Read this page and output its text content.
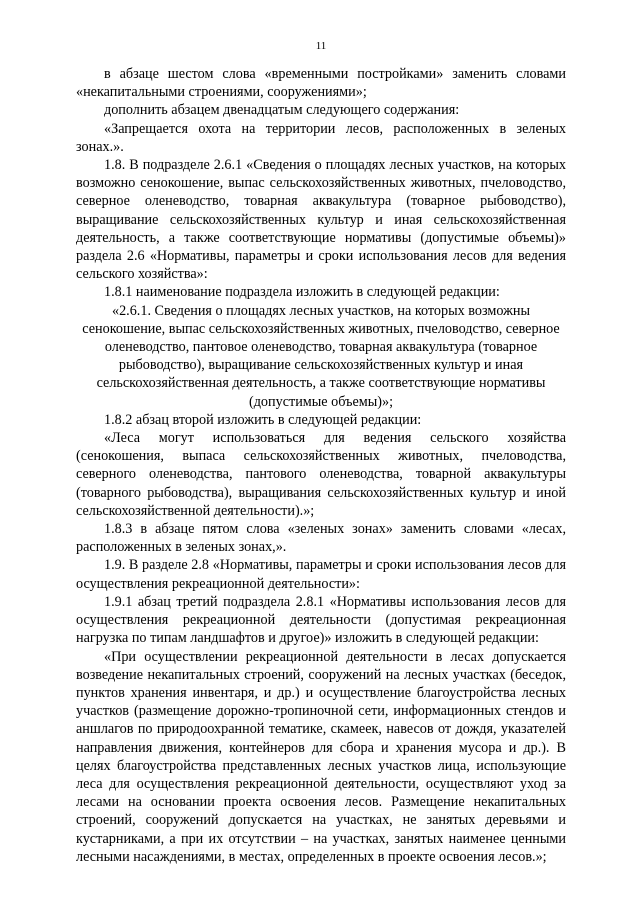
11

в абзаце шестом слова «временными постройками» заменить словами «некапитальными строениями, сооружениями»;

дополнить абзацем двенадцатым следующего содержания:

«Запрещается охота на территории лесов, расположенных в зеленых зонах.».

1.8. В подразделе 2.6.1 «Сведения о площадях лесных участков, на которых возможно сенокошение, выпас сельскохозяйственных животных, пчеловодство, северное оленеводство, товарная аквакультура (товарное рыбоводство), выращивание сельскохозяйственных культур и иная сельскохозяйственная деятельность, а также соответствующие нормативы (допустимые объемы)» раздела 2.6 «Нормативы, параметры и сроки использования лесов для ведения сельского хозяйства»:

1.8.1 наименование подраздела изложить в следующей редакции:

«2.6.1. Сведения о площадях лесных участков, на которых возможны сенокошение, выпас сельскохозяйственных животных, пчеловодство, северное оленеводство, пантовое оленеводство, товарная аквакультура (товарное рыбоводство), выращивание сельскохозяйственных культур и иная сельскохозяйственная деятельность, а также соответствующие нормативы (допустимые объемы)»;

1.8.2 абзац второй изложить в следующей редакции:

«Леса могут использоваться для ведения сельского хозяйства (сенокошения, выпаса сельскохозяйственных животных, пчеловодства, северного оленеводства, пантового оленеводства, товарной аквакультуры (товарного рыбоводства), выращивания сельскохозяйственных культур и иной сельскохозяйственной деятельности).»;

1.8.3 в абзаце пятом слова «зеленых зонах» заменить словами «лесах, расположенных в зеленых зонах,».

1.9. В разделе 2.8 «Нормативы, параметры и сроки использования лесов для осуществления рекреационной деятельности»:

1.9.1 абзац третий подраздела 2.8.1 «Нормативы использования лесов для осуществления рекреационной деятельности (допустимая рекреационная нагрузка по типам ландшафтов и другое)» изложить в следующей редакции:

«При осуществлении рекреационной деятельности в лесах допускается возведение некапитальных строений, сооружений на лесных участках (беседок, пунктов хранения инвентаря, и др.) и осуществление благоустройства лесных участков (размещение дорожно-тропиночной сети, информационных стендов и аншлагов по природоохранной тематике, скамеек, навесов от дождя, указателей направления движения, контейнеров для сбора и хранения мусора и др.). В целях благоустройства представленных лесных участков лица, использующие леса для осуществления рекреационной деятельности, осуществляют уход за лесами на основании проекта освоения лесов. Размещение некапитальных строений, сооружений допускается на участках, не занятых деревьями и кустарниками, а при их отсутствии – на участках, занятых наименее ценными лесными насаждениями, в местах, определенных в проекте освоения лесов.»;
